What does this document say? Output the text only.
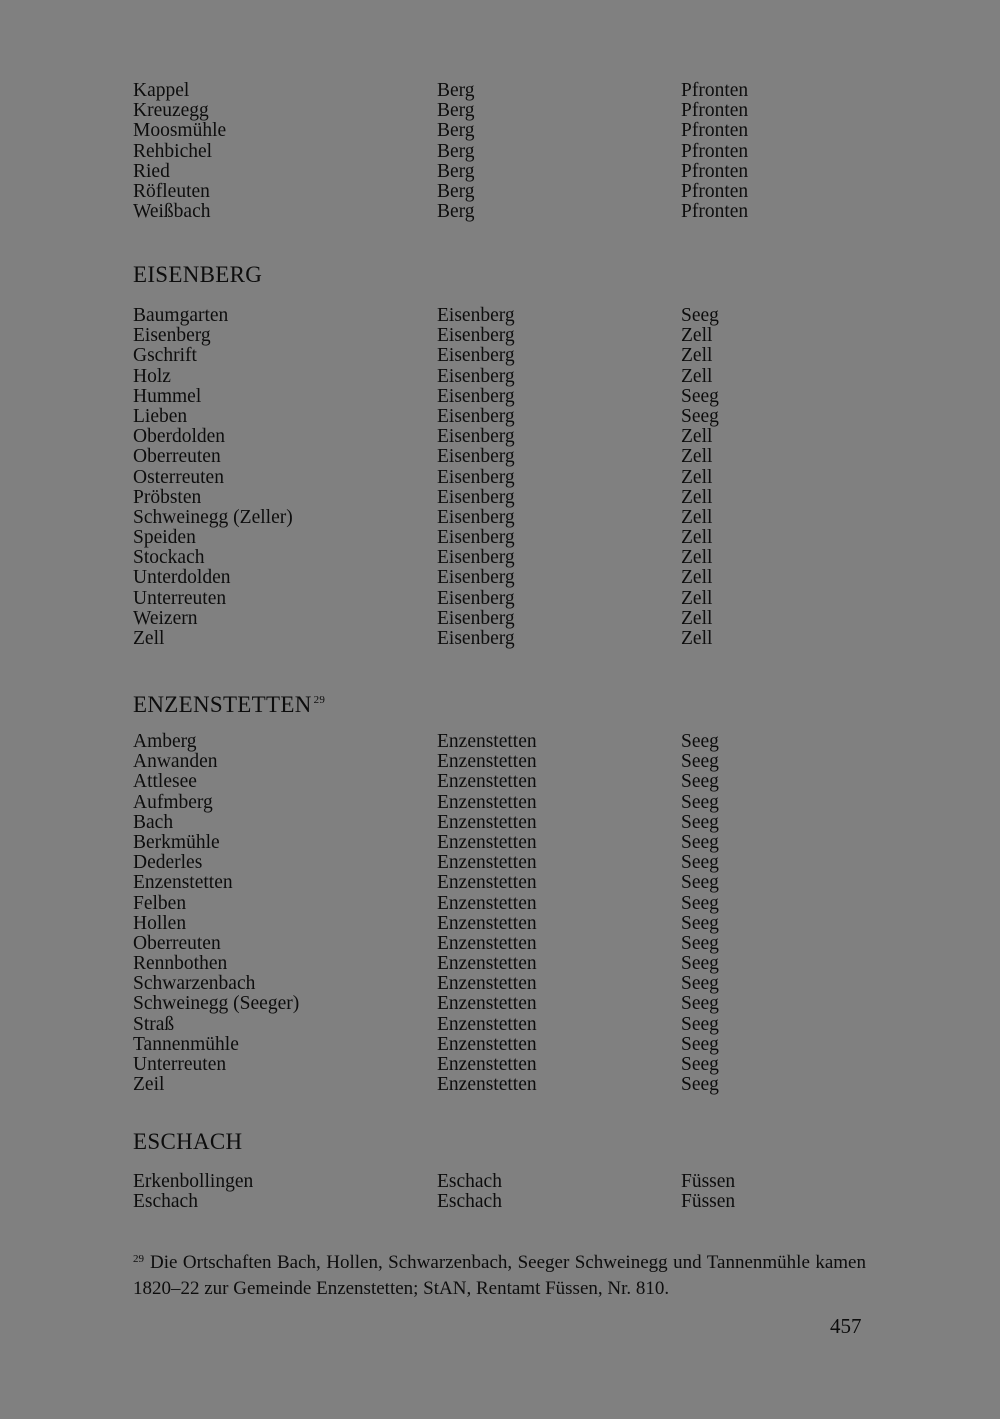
Kappel	Berg	Pfronten
Kreuzegg	Berg	Pfronten
Moosmühle	Berg	Pfronten
Rehbichel	Berg	Pfronten
Ried	Berg	Pfronten
Röfleuten	Berg	Pfronten
Weißbach	Berg	Pfronten
EISENBERG
Baumgarten	Eisenberg	Seeg
Eisenberg	Eisenberg	Zell
Gschrift	Eisenberg	Zell
Holz	Eisenberg	Zell
Hummel	Eisenberg	Seeg
Lieben	Eisenberg	Seeg
Oberdolden	Eisenberg	Zell
Oberreuten	Eisenberg	Zell
Osterreuten	Eisenberg	Zell
Pröbsten	Eisenberg	Zell
Schweinegg (Zeller)	Eisenberg	Zell
Speiden	Eisenberg	Zell
Stockach	Eisenberg	Zell
Unterdolden	Eisenberg	Zell
Unterreuten	Eisenberg	Zell
Weizern	Eisenberg	Zell
Zell	Eisenberg	Zell
ENZENSTETTEN $^{29}$
Amberg	Enzenstetten	Seeg
Anwanden	Enzenstetten	Seeg
Attlesee	Enzenstetten	Seeg
Aufmberg	Enzenstetten	Seeg
Bach	Enzenstetten	Seeg
Berkmühle	Enzenstetten	Seeg
Dederles	Enzenstetten	Seeg
Enzenstetten	Enzenstetten	Seeg
Felben	Enzenstetten	Seeg
Hollen	Enzenstetten	Seeg
Oberreuten	Enzenstetten	Seeg
Rennbothen	Enzenstetten	Seeg
Schwarzenbach	Enzenstetten	Seeg
Schweinegg (Seeger)	Enzenstetten	Seeg
Straß	Enzenstetten	Seeg
Tannenmühle	Enzenstetten	Seeg
Unterreuten	Enzenstetten	Seeg
Zeil	Enzenstetten	Seeg
ESCHACH
Erkenbollingen	Eschach	Füssen
Eschach	Eschach	Füssen
$^{29}$ Die Ortschaften Bach, Hollen, Schwarzenbach, Seeger Schweinegg und Tannenmühle kamen 1820–22 zur Gemeinde Enzenstetten; StAN, Rentamt Füssen, Nr. 810.
457
